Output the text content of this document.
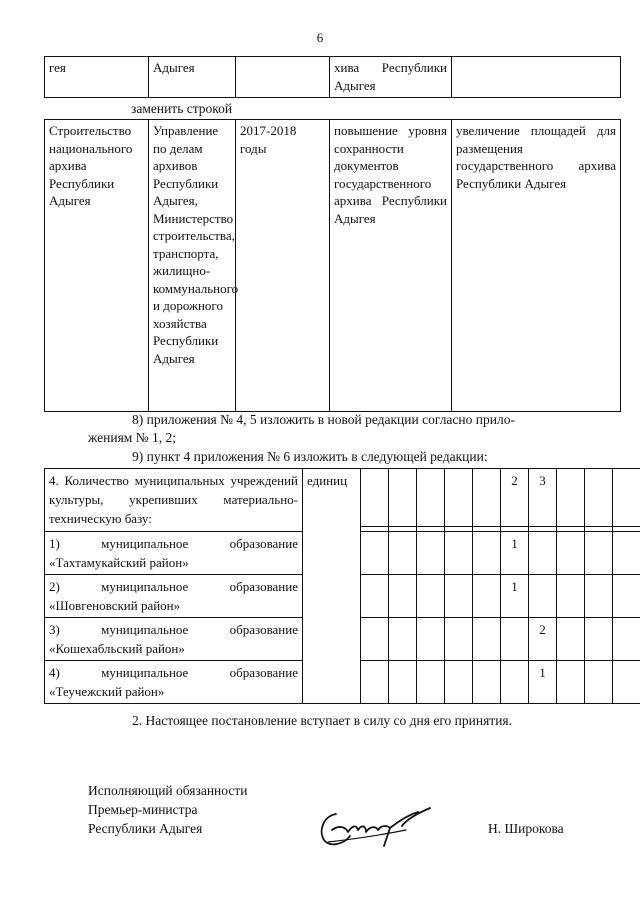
6
гея	Адыгея		хива Республики Адыгея	
заменить строкой
Строительство национального архива Республики Адыгея	Управление по делам архивов Республики Адыгея, Министерство строительства, транспорта, жилищно-коммунального и дорожного хозяйства Республики Адыгея	2017-2018 годы	повышение уровня сохранности документов государственного архива Республики Адыгея	увеличение площадей для размещения государственного архива Республики Адыгея
8) приложения № 4, 5 изложить в новой редакции согласно прило-
жениям № 1, 2;
9) пункт 4 приложения № 6 изложить в следующей редакции:
4. Количество муниципальных учреждений культуры, укрепивших материально-техническую базу:	единиц						2	3			

1) муниципальное образование «Тахтамукайский район»							1				
2) муниципальное образование «Шовгеновский район»							1				
3) муниципальное образование «Кошехабльский район»								2			
4) муниципальное образование «Теучежский район»								1			
2. Настоящее постановление вступает в силу со дня его принятия.
Исполняющий обязанности
Премьер-министра
Республики Адыгея	Н. Широкова
